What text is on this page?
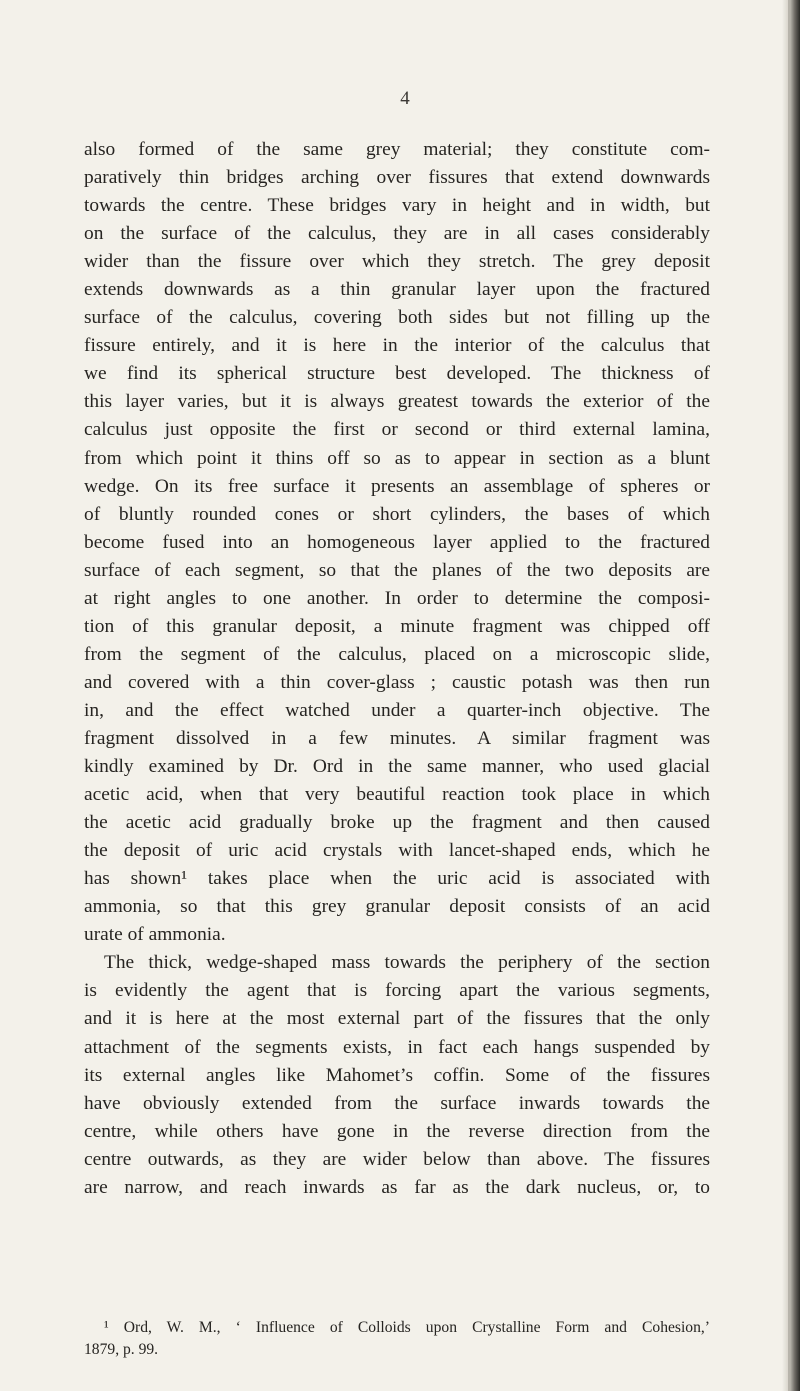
4
also formed of the same grey material; they constitute com-
paratively thin bridges arching over fissures that extend downwards
towards the centre. These bridges vary in height and in width, but
on the surface of the calculus, they are in all cases considerably
wider than the fissure over which they stretch. The grey deposit
extends downwards as a thin granular layer upon the fractured
surface of the calculus, covering both sides but not filling up the
fissure entirely, and it is here in the interior of the calculus that
we find its spherical structure best developed. The thickness of
this layer varies, but it is always greatest towards the exterior of the
calculus just opposite the first or second or third external lamina,
from which point it thins off so as to appear in section as a blunt
wedge. On its free surface it presents an assemblage of spheres or
of bluntly rounded cones or short cylinders, the bases of which
become fused into an homogeneous layer applied to the fractured
surface of each segment, so that the planes of the two deposits are
at right angles to one another. In order to determine the composi-
tion of this granular deposit, a minute fragment was chipped off
from the segment of the calculus, placed on a microscopic slide,
and covered with a thin cover-glass ; caustic potash was then run
in, and the effect watched under a quarter-inch objective. The
fragment dissolved in a few minutes. A similar fragment was
kindly examined by Dr. Ord in the same manner, who used glacial
acetic acid, when that very beautiful reaction took place in which
the acetic acid gradually broke up the fragment and then caused
the deposit of uric acid crystals with lancet-shaped ends, which he
has shown¹ takes place when the uric acid is associated with
ammonia, so that this grey granular deposit consists of an acid
urate of ammonia.
The thick, wedge-shaped mass towards the periphery of the section
is evidently the agent that is forcing apart the various segments,
and it is here at the most external part of the fissures that the only
attachment of the segments exists, in fact each hangs suspended by
its external angles like Mahomet’s coffin. Some of the fissures
have obviously extended from the surface inwards towards the
centre, while others have gone in the reverse direction from the
centre outwards, as they are wider below than above. The fissures
are narrow, and reach inwards as far as the dark nucleus, or, to
¹ Ord, W. M., ‘ Influence of Colloids upon Crystalline Form and Cohesion,’
1879, p. 99.
